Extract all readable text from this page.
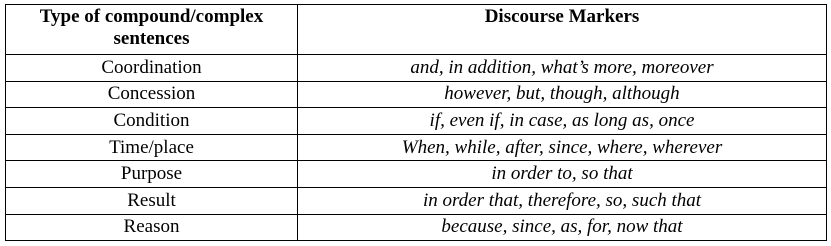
Type of compound/complex sentences	Discourse Markers
Coordination	and, in addition, what’s more, moreover
Concession	however, but, though, although
Condition	if, even if, in case, as long as, once
Time/place	When, while, after, since, where, wherever
Purpose	in order to, so that
Result	in order that, therefore, so, such that
Reason	because, since, as, for, now that
